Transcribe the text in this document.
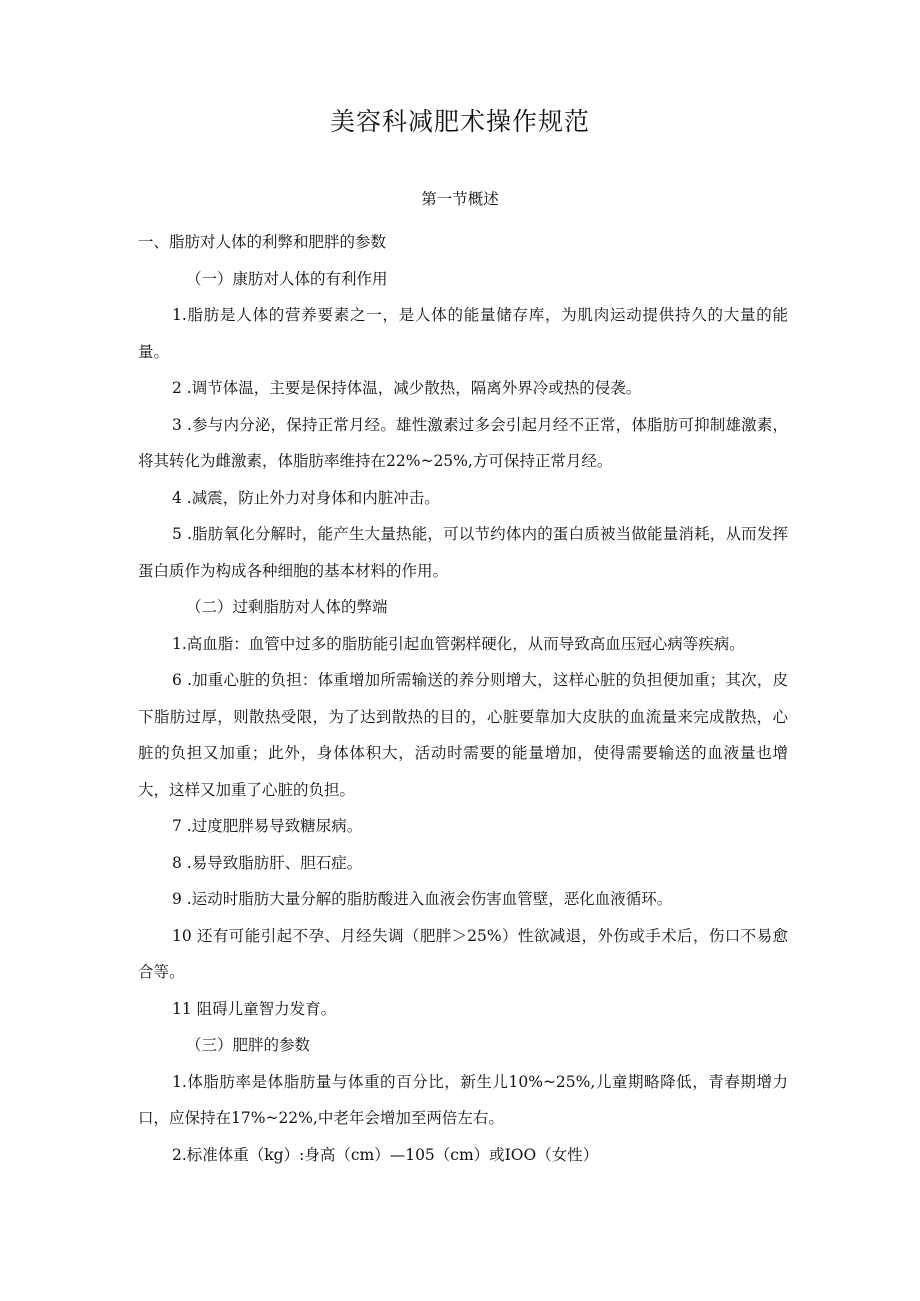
美容科减肥术操作规范
第一节概述

一、脂肪对人体的利弊和肥胖的参数

（一）康肪对人体的有利作用

1.脂肪是人体的营养要素之一，是人体的能量储存库，为肌肉运动提供持久的大量的能量。

2 .调节体温，主要是保持体温，减少散热，隔离外界冷或热的侵袭。

3 .参与内分泌，保持正常月经。雄性激素过多会引起月经不正常，体脂肪可抑制雄激素，将其转化为雌激素，体脂肪率维持在22%~25%,方可保持正常月经。

4 .减震，防止外力对身体和内脏冲击。

5 .脂肪氧化分解时，能产生大量热能，可以节约体内的蛋白质被当做能量消耗，从而发挥蛋白质作为构成各种细胞的基本材料的作用。

（二）过剩脂肪对人体的弊端

1.高血脂：血管中过多的脂肪能引起血管粥样硬化，从而导致高血压冠心病等疾病。

6 .加重心脏的负担：体重增加所需输送的养分则增大，这样心脏的负担便加重；其次，皮下脂肪过厚，则散热受限，为了达到散热的目的，心脏要靠加大皮肤的血流量来完成散热，心脏的负担又加重；此外，身体体积大，活动时需要的能量增加，使得需要输送的血液量也增大，这样又加重了心脏的负担。

7 .过度肥胖易导致糖尿病。

8 .易导致脂肪肝、胆石症。

9 .运动时脂肪大量分解的脂肪酸进入血液会伤害血管壁，恶化血液循环。

10 还有可能引起不孕、月经失调（肥胖＞25%）性欲减退，外伤或手术后，伤口不易愈合等。

11 阻碍儿童智力发育。

（三）肥胖的参数

1.体脂肪率是体脂肪量与体重的百分比，新生儿10%~25%,儿童期略降低，青春期增力口，应保持在17%~22%,中老年会增加至两倍左右。

2.标准体重（kg）:身高（cm）—105（cm）或IOO（女性）
